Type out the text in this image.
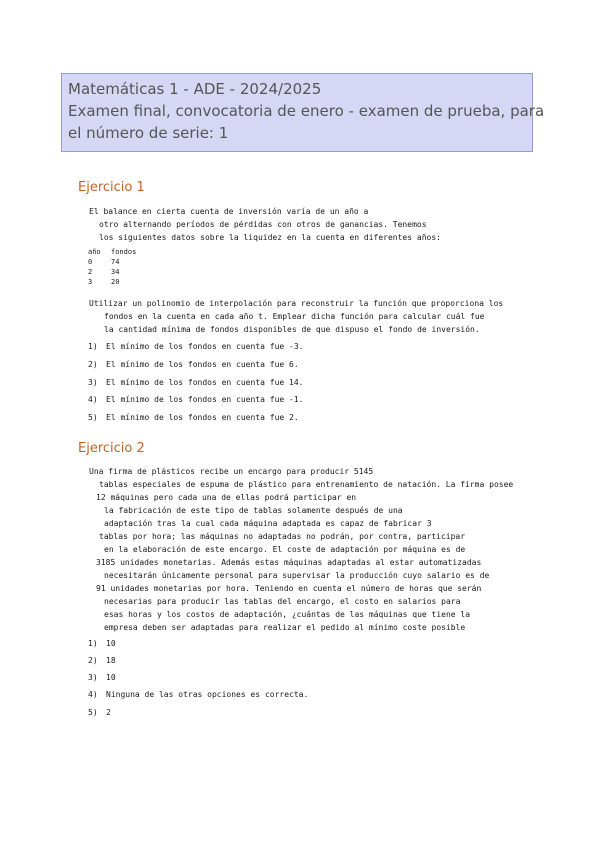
Matemáticas 1 - ADE - 2024/2025
Examen final, convocatoria de enero - examen de prueba, para
el número de serie: 1
Ejercicio 1
El balance en cierta cuenta de inversión varía de un año a
otro alternando períodos de pérdidas con otros de ganancias. Tenemos
los siguientes datos sobre la liquidez en la cuenta en diferentes años:
año	fondos
0	74
2	34
3	20
Utilizar un polinomio de interpolación para reconstruir la función que proporciona los
fondos en la cuenta en cada año t. Emplear dicha función para calcular cuál fue
la cantidad mínima de fondos disponibles de que dispuso el fondo de inversión.
1) El mínimo de los fondos en cuenta fue -3.
2) El mínimo de los fondos en cuenta fue 6.
3) El mínimo de los fondos en cuenta fue 14.
4) El mínimo de los fondos en cuenta fue -1.
5) El mínimo de los fondos en cuenta fue 2.
Ejercicio 2
Una firma de plásticos recibe un encargo para producir 5145
tablas especiales de espuma de plástico para entrenamiento de natación. La firma posee
12 máquinas pero cada una de ellas podrá participar en
la fabricación de este tipo de tablas solamente después de una
adaptación tras la cual cada máquina adaptada es capaz de fabricar 3
tablas por hora; las máquinas no adaptadas no podrán, por contra, participar
en la elaboración de este encargo. El coste de adaptación por máquina es de
3185 unidades monetarias. Además estas máquinas adaptadas al estar automatizadas
necesitarán únicamente personal para supervisar la producción cuyo salario es de
91 unidades monetarias por hora. Teniendo en cuenta el número de horas que serán
necesarias para producir las tablas del encargo, el costo en salarios para
esas horas y los costos de adaptación, ¿cuántas de las máquinas que tiene la
empresa deben ser adaptadas para realizar el pedido al mínimo coste posible
1) 10
2) 18
3) 10
4) Ninguna de las otras opciones es correcta.
5) 2
